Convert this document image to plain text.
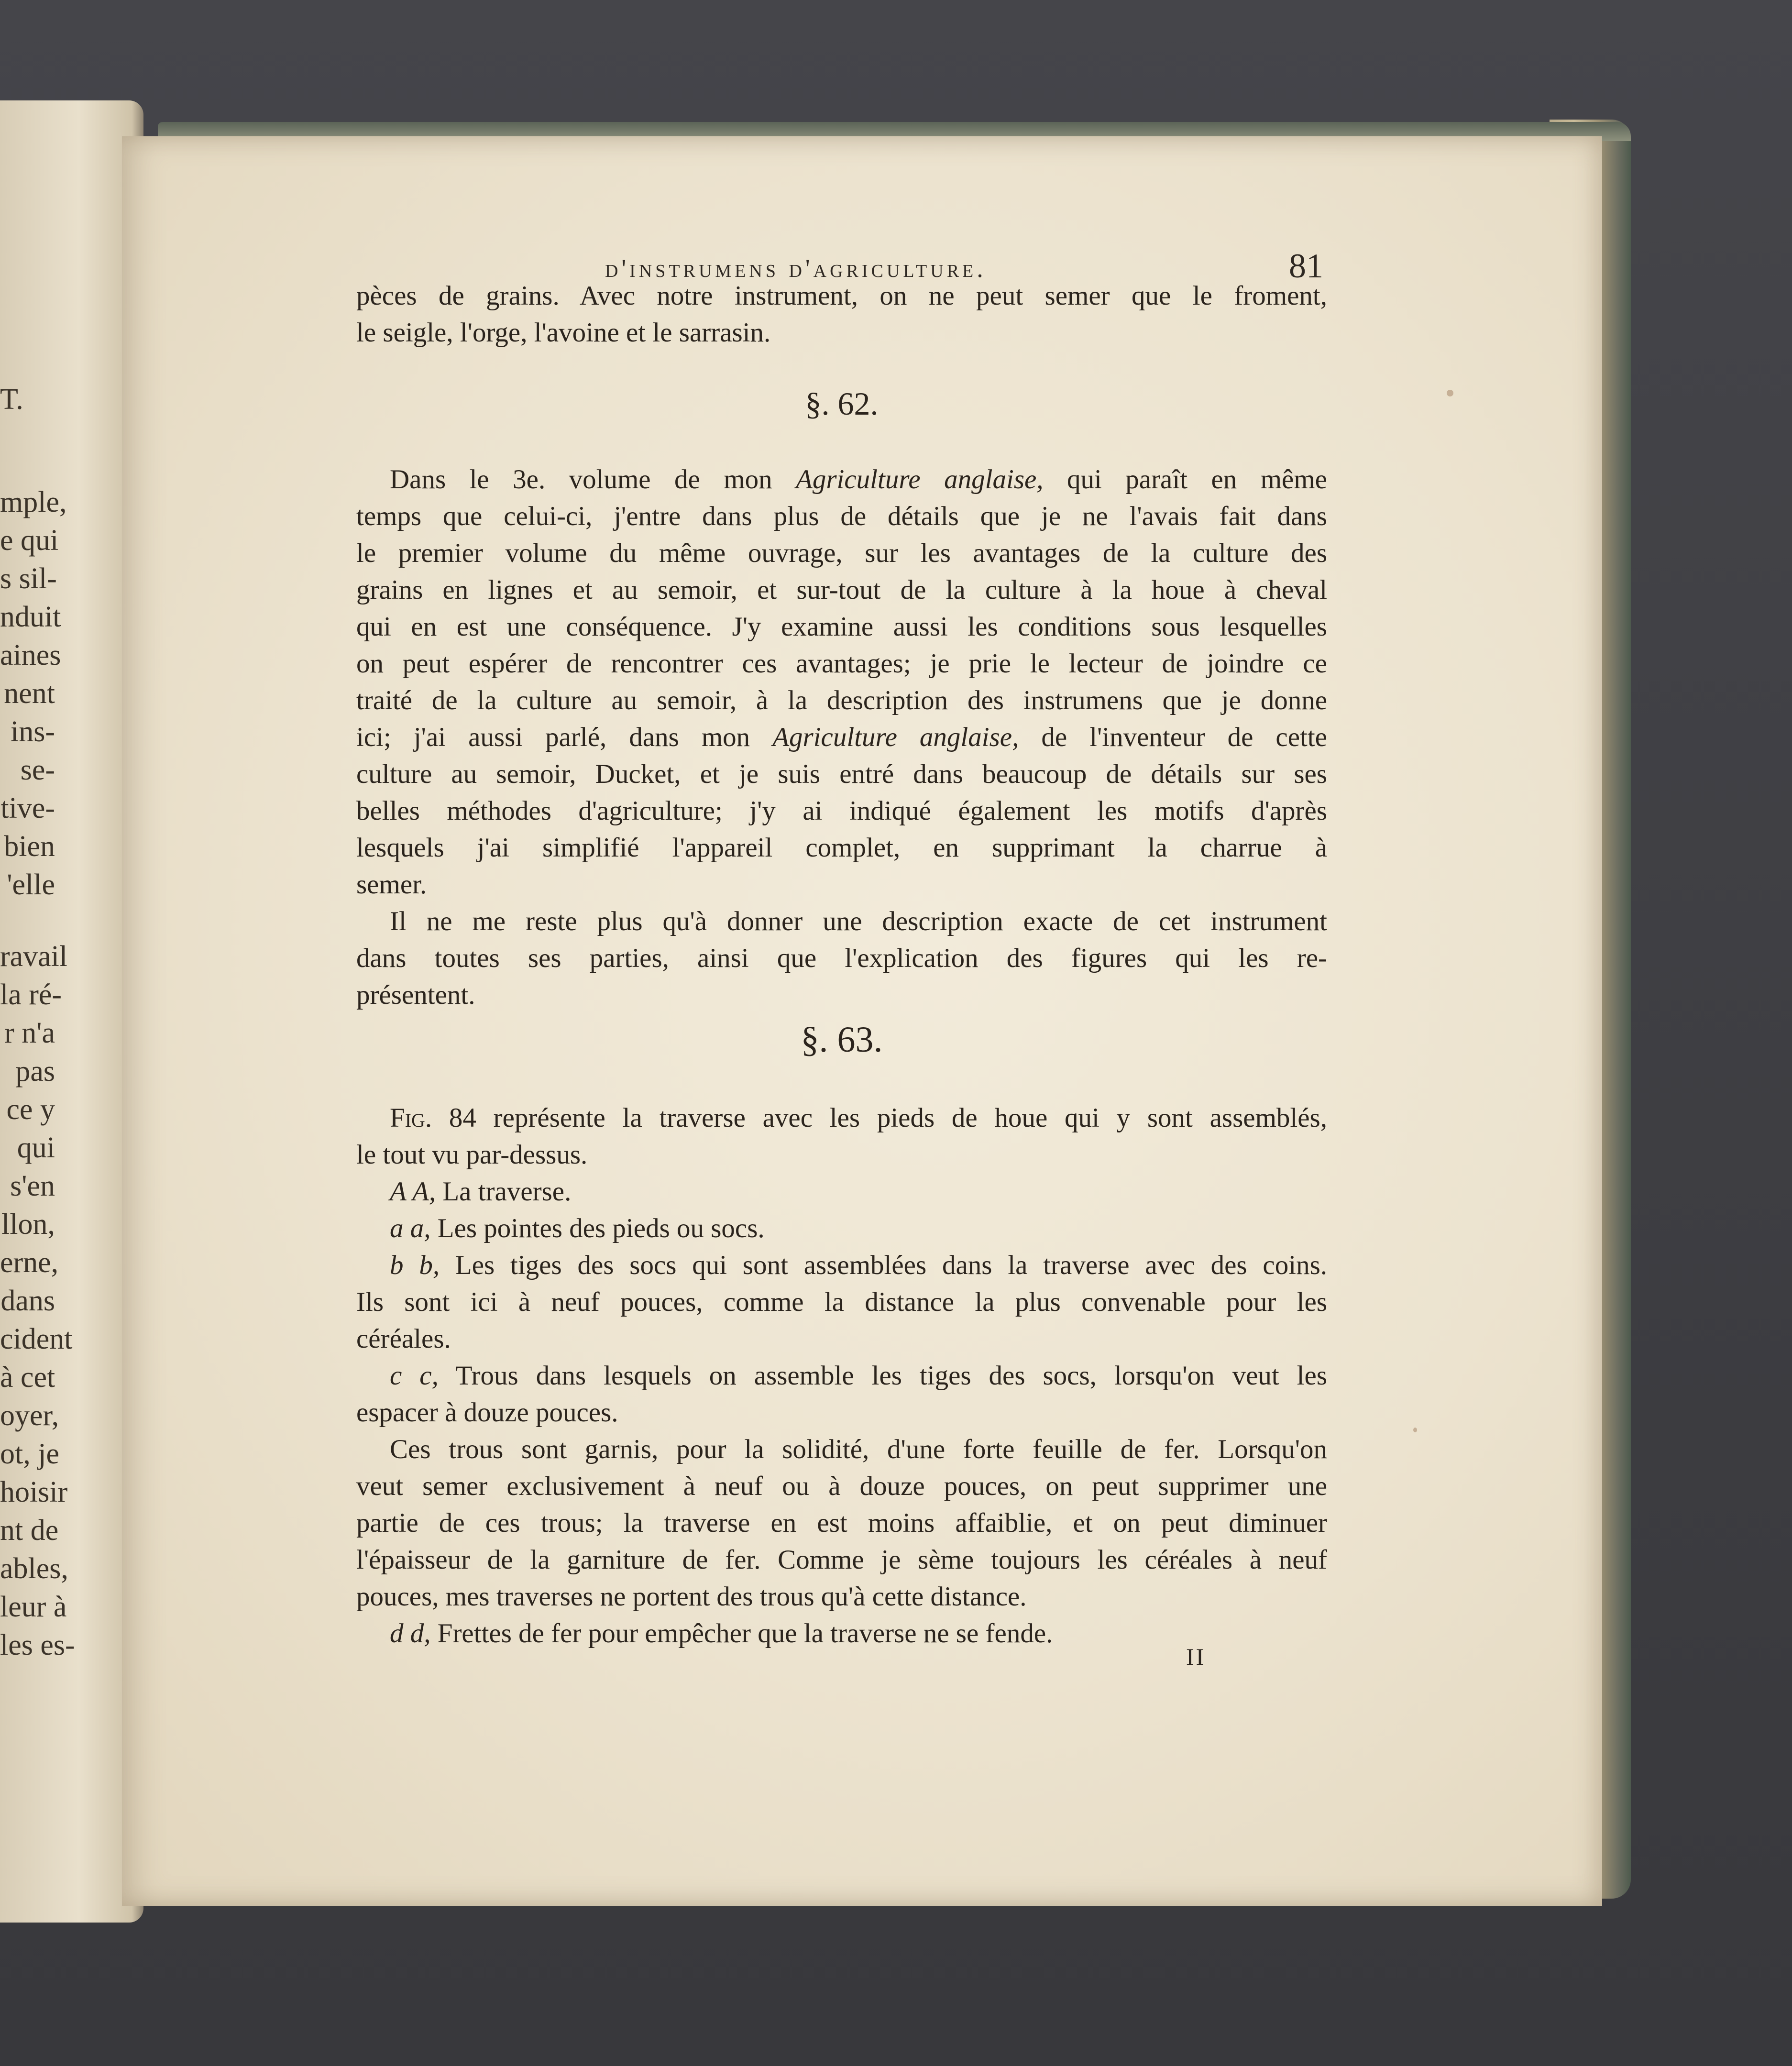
T.
mple,
e qui
s sil-
nduit
aines
nent
ins-
se-
tive-
bien
'elle
ravail
la ré-
r n'a
pas
ce y
qui
s'en
llon,
erne,
dans
cident
à cet
oyer,
ot, je
hoisir
nt de
ables,
leur à
les es-
d'instrumens d'agriculture.	81
pèces de grains. Avec notre instrument, on ne peut semer que le froment,
le seigle, l'orge, l'avoine et le sarrasin.
§. 62.
Dans le 3e. volume de mon Agriculture anglaise, qui paraît en même
temps que celui-ci, j'entre dans plus de détails que je ne l'avais fait dans
le premier volume du même ouvrage, sur les avantages de la culture des
grains en lignes et au semoir, et sur-tout de la culture à la houe à cheval
qui en est une conséquence. J'y examine aussi les conditions sous lesquelles
on peut espérer de rencontrer ces avantages; je prie le lecteur de joindre ce
traité de la culture au semoir, à la description des instrumens que je donne
ici; j'ai aussi parlé, dans mon Agriculture anglaise, de l'inventeur de cette
culture au semoir, Ducket, et je suis entré dans beaucoup de détails sur ses
belles méthodes d'agriculture; j'y ai indiqué également les motifs d'après
lesquels j'ai simplifié l'appareil complet, en supprimant la charrue à
semer.
Il ne me reste plus qu'à donner une description exacte de cet instrument
dans toutes ses parties, ainsi que l'explication des figures qui les re-
présentent.
§. 63.
Fig. 84 représente la traverse avec les pieds de houe qui y sont assemblés,
le tout vu par-dessus.
A A, La traverse.
a a, Les pointes des pieds ou socs.
b b, Les tiges des socs qui sont assemblées dans la traverse avec des coins.
Ils sont ici à neuf pouces, comme la distance la plus convenable pour les
céréales.
c c, Trous dans lesquels on assemble les tiges des socs, lorsqu'on veut les
espacer à douze pouces.
Ces trous sont garnis, pour la solidité, d'une forte feuille de fer. Lorsqu'on
veut semer exclusivement à neuf ou à douze pouces, on peut supprimer une
partie de ces trous; la traverse en est moins affaiblie, et on peut diminuer
l'épaisseur de la garniture de fer. Comme je sème toujours les céréales à neuf
pouces, mes traverses ne portent des trous qu'à cette distance.
d d, Frettes de fer pour empêcher que la traverse ne se fende.
II
